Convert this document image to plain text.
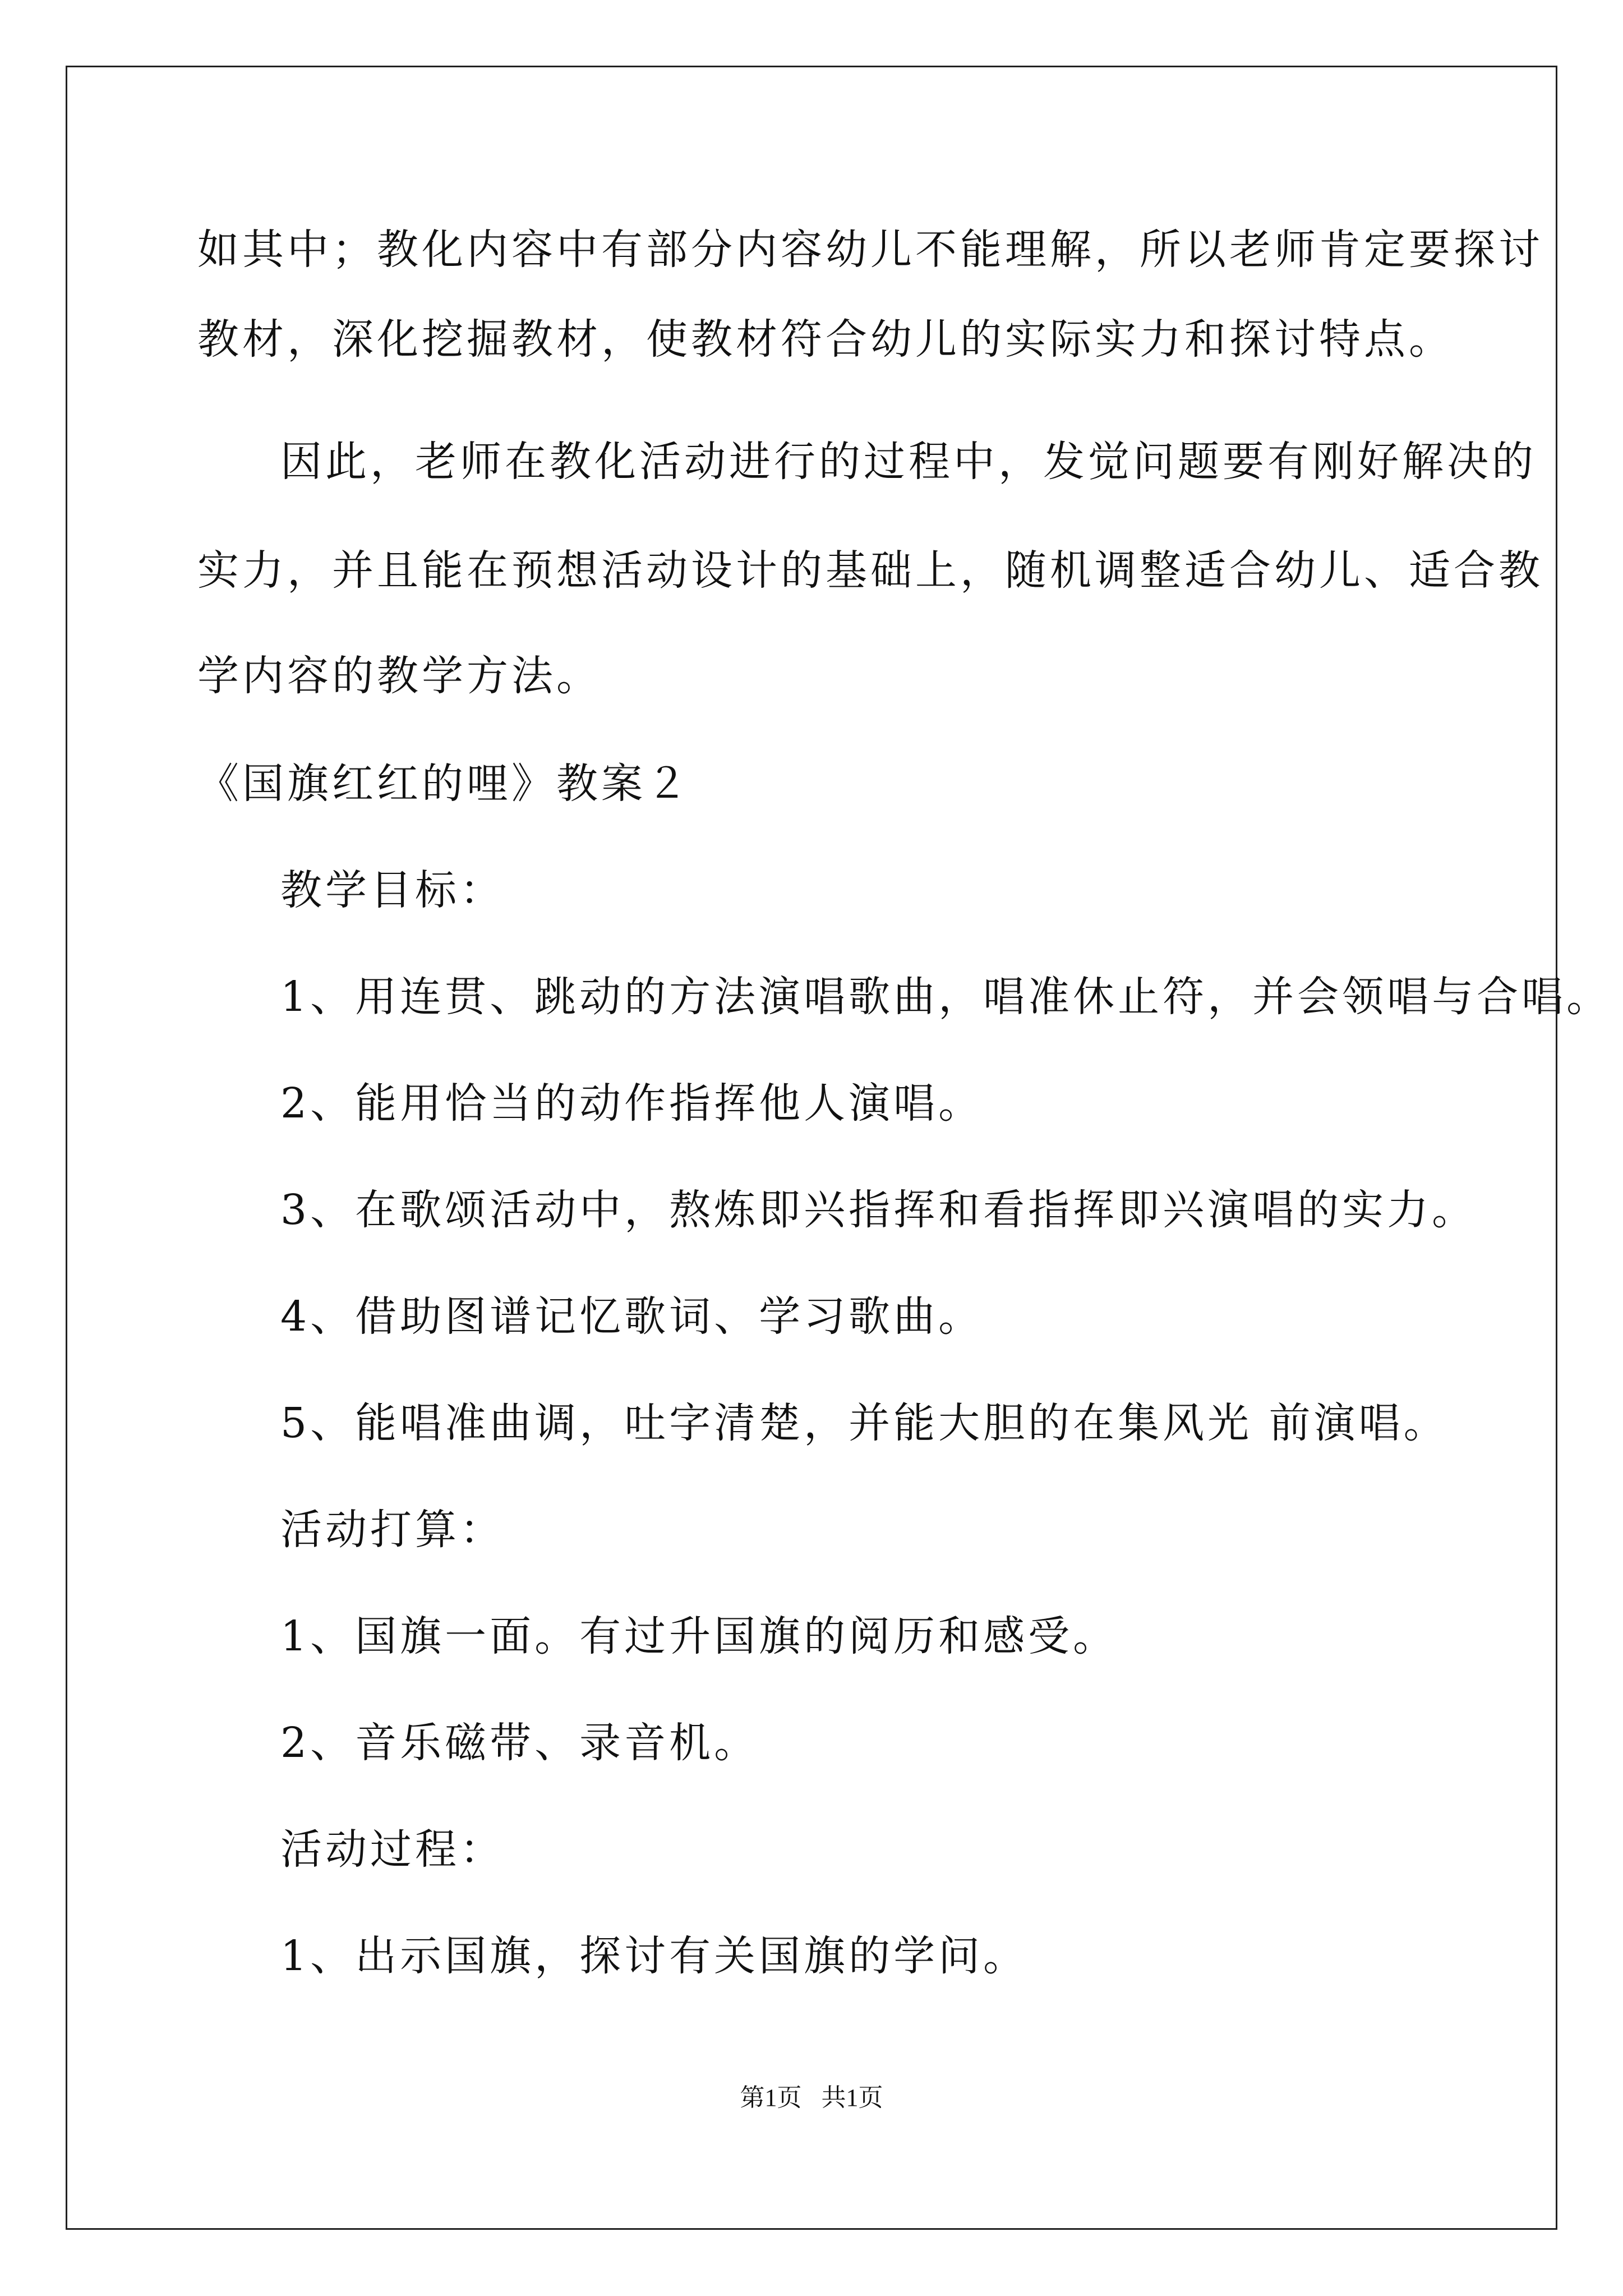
如其中；教化内容中有部分内容幼儿不能理解，所以老师肯定要探讨
教材，深化挖掘教材，使教材符合幼儿的实际实力和探讨特点。
因此，老师在教化活动进行的过程中，发觉问题要有刚好解决的
实力，并且能在预想活动设计的基础上，随机调整适合幼儿、适合教
学内容的教学方法。
《国旗红红的哩》教案２
教学目标：
1、用连贯、跳动的方法演唱歌曲，唱准休止符，并会领唱与合唱。
2、能用恰当的动作指挥他人演唱。
3、在歌颂活动中，熬炼即兴指挥和看指挥即兴演唱的实力。
4、借助图谱记忆歌词、学习歌曲。
5、能唱准曲调，吐字清楚，并能大胆的在集风光 前演唱。
活动打算：
1、国旗一面。有过升国旗的阅历和感受。
2、音乐磁带、录音机。
活动过程：
1、出示国旗，探讨有关国旗的学问。
第1页 共1页
